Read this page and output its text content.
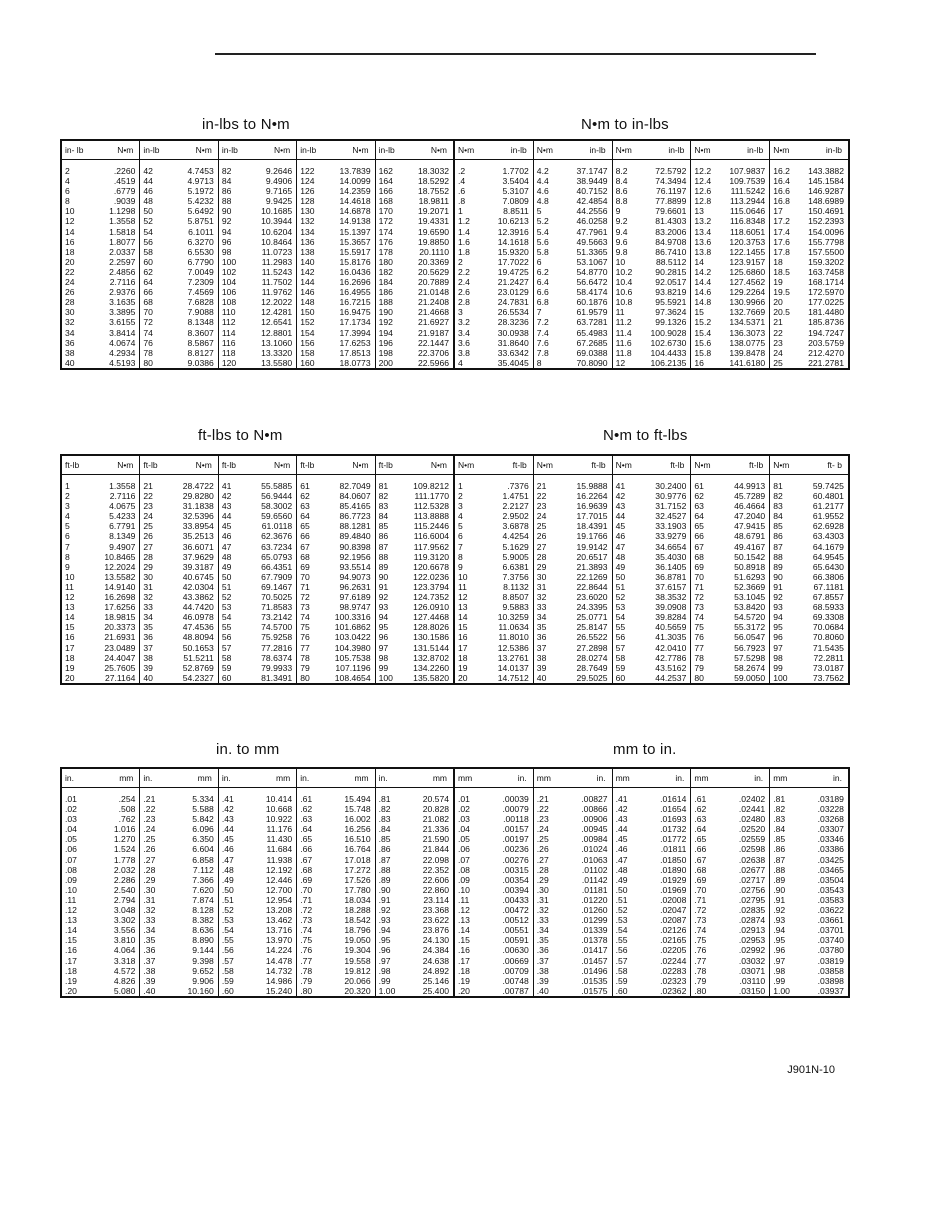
in-lbs to N•m	N•m to in-lbs
in- lb	N•m
2	.2260
4	.4519
6	.6779
8	.9039
10	1.1298
12	1.3558
14	1.5818
16	1.8077
18	2.0337
20	2.2597
22	2.4856
24	2.7116
26	2.9376
28	3.1635
30	3.3895
32	3.6155
34	3.8414
36	4.0674
38	4.2934
40	4.5193
in-lb	N•m
42	4.7453
44	4.9713
46	5.1972
48	5.4232
50	5.6492
52	5.8751
54	6.1011
56	6.3270
58	6.5530
60	6.7790
62	7.0049
64	7.2309
66	7.4569
68	7.6828
70	7.9088
72	8.1348
74	8.3607
76	8.5867
78	8.8127
80	9.0386
in-lb	N•m
82	9.2646
84	9.4906
86	9.7165
88	9.9425
90	10.1685
92	10.3944
94	10.6204
96	10.8464
98	11.0723
100	11.2983
102	11.5243
104	11.7502
106	11.9762
108	12.2022
110	12.4281
112	12.6541
114	12.8801
116	13.1060
118	13.3320
120	13.5580
in-lb	N•m
122	13.7839
124	14.0099
126	14.2359
128	14.4618
130	14.6878
132	14.9138
134	15.1397
136	15.3657
138	15.5917
140	15.8176
142	16.0436
144	16.2696
146	16.4955
148	16.7215
150	16.9475
152	17.1734
154	17.3994
156	17.6253
158	17.8513
160	18.0773
in-lb	N•m
162	18.3032
164	18.5292
166	18.7552
168	18.9811
170	19.2071
172	19.4331
174	19.6590
176	19.8850
178	20.1110
180	20.3369
182	20.5629
184	20.7889
186	21.0148
188	21.2408
190	21.4668
192	21.6927
194	21.9187
196	22.1447
198	22.3706
200	22.5966
N•m	in-lb
.2	1.7702
.4	3.5404
.6	5.3107
.8	7.0809
1	8.8511
1.2	10.6213
1.4	12.3916
1.6	14.1618
1.8	15.9320
2	17.7022
2.2	19.4725
2.4	21.2427
2.6	23.0129
2.8	24.7831
3	26.5534
3.2	28.3236
3.4	30.0938
3.6	31.8640
3.8	33.6342
4	35.4045
N•m	in-lb
4.2	37.1747
4.4	38.9449
4.6	40.7152
4.8	42.4854
5	44.2556
5.2	46.0258
5.4	47.7961
5.6	49.5663
5.8	51.3365
6	53.1067
6.2	54.8770
6.4	56.6472
6.6	58.4174
6.8	60.1876
7	61.9579
7.2	63.7281
7.4	65.4983
7.6	67.2685
7.8	69.0388
8	70.8090
N•m	in-lb
8.2	72.5792
8.4	74.3494
8.6	76.1197
8.8	77.8899
9	79.6601
9.2	81.4303
9.4	83.2006
9.6	84.9708
9.8	86.7410
10	88.5112
10.2	90.2815
10.4	92.0517
10.6	93.8219
10.8	95.5921
11	97.3624
11.2	99.1326
11.4	100.9028
11.6	102.6730
11.8	104.4433
12	106.2135
N•m	in-lb
12.2	107.9837
12.4	109.7539
12.6	111.5242
12.8	113.2944
13	115.0646
13.2	116.8348
13.4	118.6051
13.6	120.3753
13.8	122.1455
14	123.9157
14.2	125.6860
14.4	127.4562
14.6	129.2264
14.8	130.9966
15	132.7669
15.2	134.5371
15.4	136.3073
15.6	138.0775
15.8	139.8478
16	141.6180
N•m	in-lb
16.2	143.3882
16.4	145.1584
16.6	146.9287
16.8	148.6989
17	150.4691
17.2	152.2393
17.4	154.0096
17.6	155.7798
17.8	157.5500
18	159.3202
18.5	163.7458
19	168.1714
19.5	172.5970
20	177.0225
20.5	181.4480
21	185.8736
22	194.7247
23	203.5759
24	212.4270
25	221.2781
ft-lbs to N•m	N•m to ft-lbs
ft-lb	N•m
1	1.3558
2	2.7116
3	4.0675
4	5.4233
5	6.7791
6	8.1349
7	9.4907
8	10.8465
9	12.2024
10	13.5582
11	14.9140
12	16.2698
13	17.6256
14	18.9815
15	20.3373
16	21.6931
17	23.0489
18	24.4047
19	25.7605
20	27.1164
ft-lb	N•m
21	28.4722
22	29.8280
23	31.1838
24	32.5396
25	33.8954
26	35.2513
27	36.6071
28	37.9629
29	39.3187
30	40.6745
31	42.0304
32	43.3862
33	44.7420
34	46.0978
35	47.4536
36	48.8094
37	50.1653
38	51.5211
39	52.8769
40	54.2327
ft-lb	N•m
41	55.5885
42	56.9444
43	58.3002
44	59.6560
45	61.0118
46	62.3676
47	63.7234
48	65.0793
49	66.4351
50	67.7909
51	69.1467
52	70.5025
53	71.8583
54	73.2142
55	74.5700
56	75.9258
57	77.2816
58	78.6374
59	79.9933
60	81.3491
ft-lb	N•m
61	82.7049
62	84.0607
63	85.4165
64	86.7723
65	88.1281
66	89.4840
67	90.8398
68	92.1956
69	93.5514
70	94.9073
71	96.2631
72	97.6189
73	98.9747
74	100.3316
75	101.6862
76	103.0422
77	104.3980
78	105.7538
79	107.1196
80	108.4654
ft-lb	N•m
81	109.8212
82	111.1770
83	112.5328
84	113.8888
85	115.2446
86	116.6004
87	117.9562
88	119.3120
89	120.6678
90	122.0236
91	123.3794
92	124.7352
93	126.0910
94	127.4468
95	128.8026
96	130.1586
97	131.5144
98	132.8702
99	134.2260
100	135.5820
N•m	ft-lb
1	.7376
2	1.4751
3	2.2127
4	2.9502
5	3.6878
6	4.4254
7	5.1629
8	5.9005
9	6.6381
10	7.3756
11	8.1132
12	8.8507
13	9.5883
14	10.3259
15	11.0634
16	11.8010
17	12.5386
18	13.2761
19	14.0137
20	14.7512
N•m	ft-lb
21	15.9888
22	16.2264
23	16.9639
24	17.7015
25	18.4391
26	19.1766
27	19.9142
28	20.6517
29	21.3893
30	22.1269
31	22.8644
32	23.6020
33	24.3395
34	25.0771
35	25.8147
36	26.5522
37	27.2898
38	28.0274
39	28.7649
40	29.5025
N•m	ft-lb
41	30.2400
42	30.9776
43	31.7152
44	32.4527
45	33.1903
46	33.9279
47	34.6654
48	35.4030
49	36.1405
50	36.8781
51	37.6157
52	38.3532
53	39.0908
54	39.8284
55	40.5659
56	41.3035
57	42.0410
58	42.7786
59	43.5162
60	44.2537
N•m	ft-lb
61	44.9913
62	45.7289
63	46.4664
64	47.2040
65	47.9415
66	48.6791
67	49.4167
68	50.1542
69	50.8918
70	51.6293
71	52.3669
72	53.1045
73	53.8420
74	54.5720
75	55.3172
76	56.0547
77	56.7923
78	57.5298
79	58.2674
80	59.0050
N•m	ft- b
81	59.7425
82	60.4801
83	61.2177
84	61.9552
85	62.6928
86	63.4303
87	64.1679
88	64.9545
89	65.6430
90	66.3806
91	67.1181
92	67.8557
93	68.5933
94	69.3308
95	70.0684
96	70.8060
97	71.5435
98	72.2811
99	73.0187
100	73.7562
in. to mm	mm to in.
in.	mm
.01	.254
.02	.508
.03	.762
.04	1.016
.05	1.270
.06	1.524
.07	1.778
.08	2.032
.09	2.286
.10	2.540
.11	2.794
.12	3.048
.13	3.302
.14	3.556
.15	3.810
.16	4.064
.17	3.318
.18	4.572
.19	4.826
.20	5.080
in.	mm
.21	5.334
.22	5.588
.23	5.842
.24	6.096
.25	6.350
.26	6.604
.27	6.858
.28	7.112
.29	7.366
.30	7.620
.31	7.874
.32	8.128
.33	8.382
.34	8.636
.35	8.890
.36	9.144
.37	9.398
.38	9.652
.39	9.906
.40	10.160
in.	mm
.41	10.414
.42	10.668
.43	10.922
.44	11.176
.45	11.430
.46	11.684
.47	11.938
.48	12.192
.49	12.446
.50	12.700
.51	12.954
.52	13.208
.53	13.462
.54	13.716
.55	13.970
.56	14.224
.57	14.478
.58	14.732
.59	14.986
.60	15.240
in.	mm
.61	15.494
.62	15.748
.63	16.002
.64	16.256
.65	16.510
.66	16.764
.67	17.018
.68	17.272
.69	17.526
.70	17.780
.71	18.034
.72	18.288
.73	18.542
.74	18.796
.75	19.050
.76	19.304
.77	19.558
.78	19.812
.79	20.066
.80	20.320
in.	mm
.81	20.574
.82	20.828
.83	21.082
.84	21.336
.85	21.590
.86	21.844
.87	22.098
.88	22.352
.89	22.606
.90	22.860
.91	23.114
.92	23.368
.93	23.622
.94	23.876
.95	24.130
.96	24.384
.97	24.638
.98	24.892
.99	25.146
1.00	25.400
mm	in.
.01	.00039
.02	.00079
.03	.00118
.04	.00157
.05	.00197
.06	.00236
.07	.00276
.08	.00315
.09	.00354
.10	.00394
.11	.00433
.12	.00472
.13	.00512
.14	.00551
.15	.00591
.16	.00630
.17	.00669
.18	.00709
.19	.00748
.20	.00787
mm	in.
.21	.00827
.22	.00866
.23	.00906
.24	.00945
.25	.00984
.26	.01024
.27	.01063
.28	.01102
.29	.01142
.30	.01181
.31	.01220
.32	.01260
.33	.01299
.34	.01339
.35	.01378
.36	.01417
.37	.01457
.38	.01496
.39	.01535
.40	.01575
mm	in.
.41	.01614
.42	.01654
.43	.01693
.44	.01732
.45	.01772
.46	.01811
.47	.01850
.48	.01890
.49	.01929
.50	.01969
.51	.02008
.52	.02047
.53	.02087
.54	.02126
.55	.02165
.56	.02205
.57	.02244
.58	.02283
.59	.02323
.60	.02362
mm	in.
.61	.02402
.62	.02441
.63	.02480
.64	.02520
.65	.02559
.66	.02598
.67	.02638
.68	.02677
.69	.02717
.70	.02756
.71	.02795
.72	.02835
.73	.02874
.74	.02913
.75	.02953
.76	.02992
.77	.03032
.78	.03071
.79	.03110
.80	.03150
mm	in.
.81	.03189
.82	.03228
.83	.03268
.84	.03307
.85	.03346
.86	.03386
.87	.03425
.88	.03465
.89	.03504
.90	.03543
.91	.03583
.92	.03622
.93	.03661
.94	.03701
.95	.03740
.96	.03780
.97	.03819
.98	.03858
.99	.03898
1.00	.03937
J901N-10
